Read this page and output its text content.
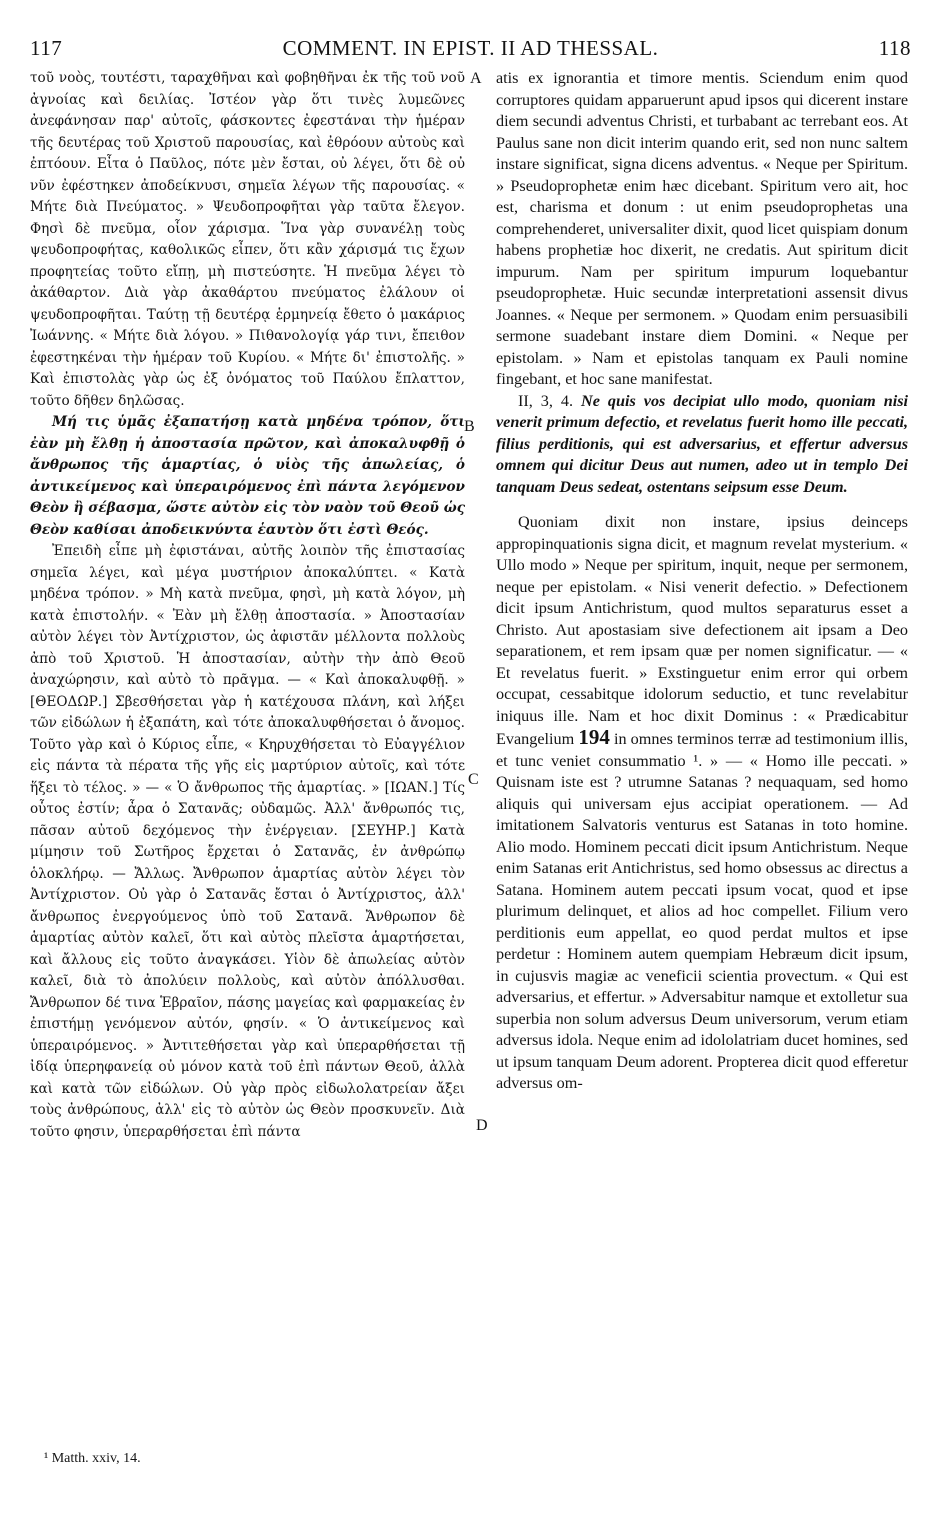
117	COMMENT. IN EPIST. II AD THESSAL.	118

τοῦ νοὸς, τουτέστι, ταραχθῆναι καὶ φοβηθῆναι ἐκ τῆς τοῦ νοῦ ἀγνοίας καὶ δειλίας. Ἰστέον γὰρ ὅτι τινὲς λυμεῶνες ἀνεφάνησαν παρ' αὐτοῖς, φάσκοντες ἐφεστάναι τὴν ἡμέραν τῆς δευτέρας τοῦ Χριστοῦ παρουσίας, καὶ ἐθρόουν αὐτοὺς καὶ ἐπτόουν. Εἶτα ὁ Παῦλος, πότε μὲν ἔσται, οὐ λέγει, ὅτι δὲ οὐ νῦν ἐφέστηκεν ἀποδείκνυσι, σημεῖα λέγων τῆς παρουσίας. « Μήτε διὰ Πνεύματος. » Ψευδοπροφῆται γὰρ ταῦτα ἔλεγον. Φησὶ δὲ πνεῦμα, οἷον χάρισμα. Ἵνα γὰρ συνανέλῃ τοὺς ψευδοπροφήτας, καθολικῶς εἶπεν, ὅτι κἂν χάρισμά τις ἔχων προφητείας τοῦτο εἴπῃ, μὴ πιστεύσητε. Ἡ πνεῦμα λέγει τὸ ἀκάθαρτον. Διὰ γὰρ ἀκαθάρτου πνεύματος ἐλάλουν οἱ ψευδοπροφῆται. Ταύτῃ τῇ δευτέρᾳ ἑρμηνείᾳ ἔθετο ὁ μακάριος Ἰωάννης. « Μήτε διὰ λόγου. » Πιθανολογίᾳ γάρ τινι, ἔπειθον ἐφεστηκέναι τὴν ἡμέραν τοῦ Κυρίου. « Μήτε δι' ἐπιστολῆς. » Καὶ ἐπιστολὰς γὰρ ὡς ἐξ ὀνόματος τοῦ Παύλου ἔπλαττον, τοῦτο δῆθεν δηλῶσας.

Μή τις ὑμᾶς ἐξαπατήσῃ κατὰ μηδένα τρόπον, ὅτι ἐὰν μὴ ἔλθῃ ἡ ἀποστασία πρῶτον, καὶ ἀποκαλυφθῇ ὁ ἄνθρωπος τῆς ἁμαρτίας, ὁ υἱὸς τῆς ἀπωλείας, ὁ ἀντικείμενος καὶ ὑπεραιρόμενος ἐπὶ πάντα λεγόμενον Θεὸν ἢ σέβασμα, ὥστε αὐτὸν εἰς τὸν ναὸν τοῦ Θεοῦ ὡς Θεὸν καθίσαι ἀποδεικνύντα ἑαυτὸν ὅτι ἐστὶ Θεός.

Ἐπειδὴ εἶπε μὴ ἐφιστάναι, αὐτῆς λοιπὸν τῆς ἐπιστασίας σημεῖα λέγει, καὶ μέγα μυστήριον ἀποκαλύπτει. « Κατὰ μηδένα τρόπον. » Μὴ κατὰ πνεῦμα, φησὶ, μὴ κατὰ λόγον, μὴ κατὰ ἐπιστολήν. « Ἐὰν μὴ ἔλθῃ ἀποστασία. » Ἀποστασίαν αὐτὸν λέγει τὸν Ἀντίχριστον, ὡς ἀφιστᾶν μέλλοντα πολλοὺς ἀπὸ τοῦ Χριστοῦ. Ἡ ἀποστασίαν, αὐτὴν τὴν ἀπὸ Θεοῦ ἀναχώρησιν, καὶ αὐτὸ τὸ πρᾶγμα. — « Καὶ ἀποκαλυφθῇ. » [ΘΕΟΔΩΡ.] Σβεσθήσεται γὰρ ἡ κατέχουσα πλάνη, καὶ λήξει τῶν εἰδώλων ἡ ἐξαπάτη, καὶ τότε ἀποκαλυφθήσεται ὁ ἄνομος. Τοῦτο γὰρ καὶ ὁ Κύριος εἶπε, « Κηρυχθήσεται τὸ Εὐαγγέλιον εἰς πάντα τὰ πέρατα τῆς γῆς εἰς μαρτύριον αὐτοῖς, καὶ τότε ἥξει τὸ τέλος. » — « Ὁ ἄνθρωπος τῆς ἁμαρτίας. » [ΙΩΑΝ.] Τίς οὗτος ἐστίν; ἆρα ὁ Σατανᾶς; οὐδαμῶς. Ἀλλ' ἄνθρωπός τις, πᾶσαν αὐτοῦ δεχόμενος τὴν ἐνέργειαν. [ΣΕΥΗΡ.] Κατὰ μίμησιν τοῦ Σωτῆρος ἔρχεται ὁ Σατανᾶς, ἐν ἀνθρώπῳ ὁλοκλήρῳ. — Ἄλλως. Ἄνθρωπον ἁμαρτίας αὐτὸν λέγει τὸν Ἀντίχριστον. Οὐ γὰρ ὁ Σατανᾶς ἔσται ὁ Ἀντίχριστος, ἀλλ' ἄνθρωπος ἐνεργούμενος ὑπὸ τοῦ Σατανᾶ. Ἄνθρωπον δὲ ἁμαρτίας αὐτὸν καλεῖ, ὅτι καὶ αὐτὸς πλεῖστα ἁμαρτήσεται, καὶ ἄλλους εἰς τοῦτο ἀναγκάσει. Υἱὸν δὲ ἀπωλείας αὐτὸν καλεῖ, διὰ τὸ ἀπολύειν πολλοὺς, καὶ αὐτὸν ἀπόλλυσθαι. Ἄνθρωπον δέ τινα Ἑβραῖον, πάσης μαγείας καὶ φαρμακείας ἐν ἐπιστήμῃ γενόμενον αὐτόν, φησίν. « Ὁ ἀντικείμενος καὶ ὑπεραιρόμενος. » Ἀντιτεθήσεται γὰρ καὶ ὑπεραρθήσεται τῇ ἰδίᾳ ὑπερηφανείᾳ οὐ μόνον κατὰ τοῦ ἐπὶ πάντων Θεοῦ, ἀλλὰ καὶ κατὰ τῶν εἰδώλων. Οὐ γὰρ πρὸς εἰδωλολατρείαν ἄξει τοὺς ἀνθρώπους, ἀλλ' εἰς τὸ αὐτὸν ὡς Θεὸν προσκυνεῖν. Διὰ τοῦτο φησιν, ὑπεραρθήσεται ἐπὶ πάντα

A
B
C
D

atis ex ignorantia et timore mentis. Sciendum enim quod corruptores quidam apparuerunt apud ipsos qui dicerent instare diem secundi adventus Christi, et turbabant ac terrebant eos. At Paulus sane non dicit interim quando erit, sed non nunc saltem instare significat, signa dicens adventus. « Neque per Spiritum. » Pseudoprophetæ enim hæc dicebant. Spiritum vero ait, hoc est, charisma et donum : ut enim pseudoprophetas una comprehenderet, universaliter dixit, quod licet quispiam donum habens prophetiæ hoc dixerit, ne credatis. Aut spiritum dicit impurum. Nam per spiritum impurum loquebantur pseudoprophetæ. Huic secundæ interpretationi assensit divus Joannes. « Neque per sermonem. » Quodam enim persuasibili sermone suadebant instare diem Domini. « Neque per epistolam. » Nam et epistolas tanquam ex Pauli nomine fingebant, et hoc sane manifestat.

II, 3, 4. Ne quis vos decipiat ullo modo, quoniam nisi venerit primum defectio, et revelatus fuerit homo ille peccati, filius perditionis, qui est adversarius, et effertur adversus omnem qui dicitur Deus aut numen, adeo ut in templo Dei tanquam Deus sedeat, ostentans seipsum esse Deum.

Quoniam dixit non instare, ipsius deinceps appropinquationis signa dicit, et magnum revelat mysterium. « Ullo modo » Neque per spiritum, inquit, neque per sermonem, neque per epistolam. « Nisi venerit defectio. » Defectionem dicit ipsum Antichristum, quod multos separaturus esset a Christo. Aut apostasiam sive defectionem ait ipsam a Deo separationem, et rem ipsam quæ per nomen significatur. — « Et revelatus fuerit. » Exstinguetur enim error qui orbem occupat, cessabitque idolorum seductio, et tunc revelabitur iniquus ille. Nam et hoc dixit Dominus : « Prædicabitur Evangelium 194 in omnes terminos terræ ad testimonium illis, et tunc veniet consummatio ¹. » — « Homo ille peccati. » Quisnam iste est ? utrumne Satanas ? nequaquam, sed homo aliquis qui universam ejus accipiat operationem. — Ad imitationem Salvatoris venturus est Satanas in toto homine. Alio modo. Hominem peccati dicit ipsum Antichristum. Neque enim Satanas erit Antichristus, sed homo obsessus ac directus a Satana. Hominem autem peccati ipsum vocat, quod et ipse plurimum delinquet, et alios ad hoc compellet. Filium vero perditionis eum appellat, eo quod perdat multos et ipse perdetur : Hominem autem quempiam Hebræum dicit ipsum, in cujusvis magiæ ac veneficii scientia provectum. « Qui est adversarius, et effertur. » Adversabitur namque et extolletur sua superbia non solum adversus Deum universorum, verum etiam adversus idola. Neque enim ad idololatriam ducet homines, sed ut ipsum tanquam Deum adorent. Propterea dicit quod efferetur adversus om-

¹ Matth. xxiv, 14.
